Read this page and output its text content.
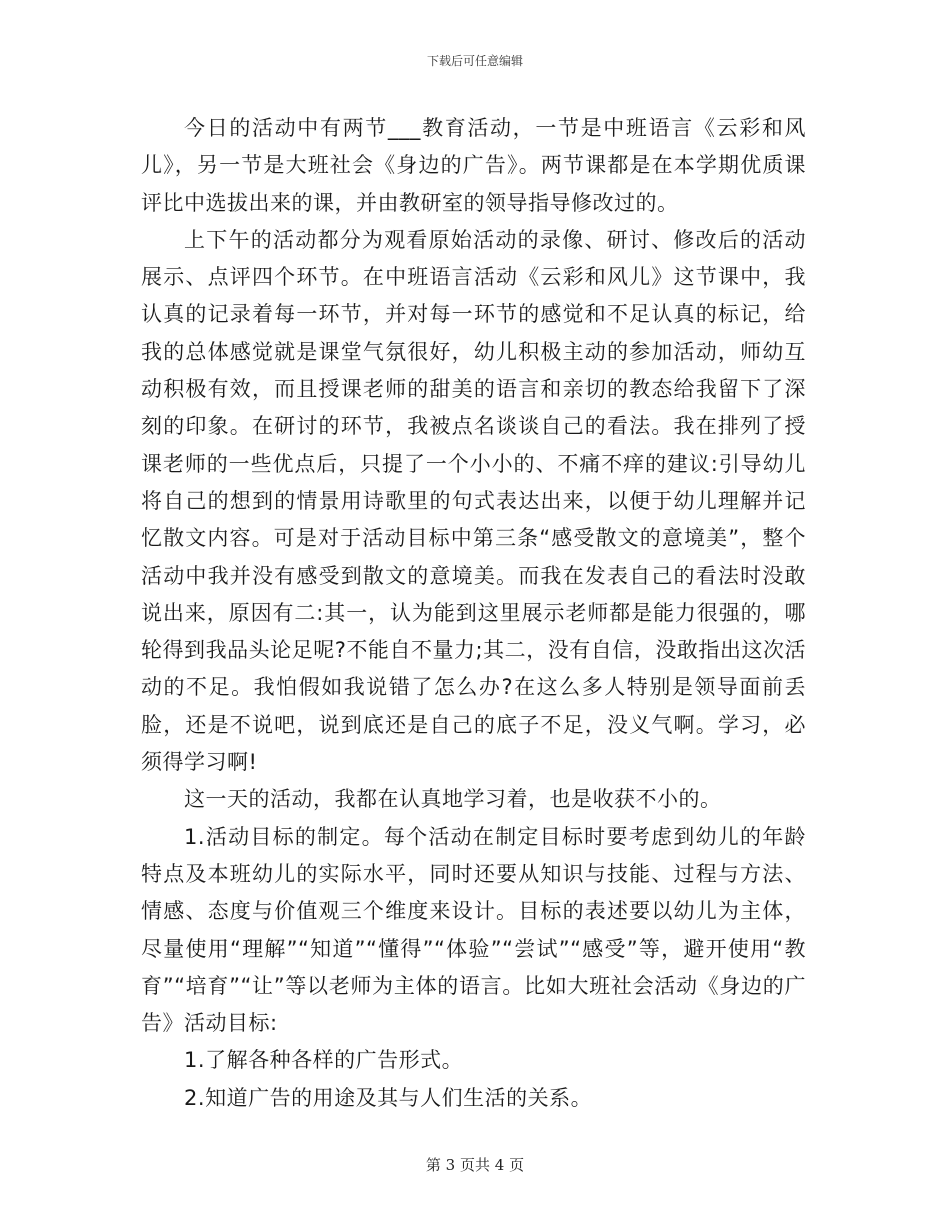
下载后可任意编辑

今日的活动中有两节___教育活动，一节是中班语言《云彩和风儿》，另一节是大班社会《身边的广告》。两节课都是在本学期优质课评比中选拔出来的课，并由教研室的领导指导修改过的。

上下午的活动都分为观看原始活动的录像、研讨、修改后的活动展示、点评四个环节。在中班语言活动《云彩和风儿》这节课中，我认真的记录着每一环节，并对每一环节的感觉和不足认真的标记，给我的总体感觉就是课堂气氛很好，幼儿积极主动的参加活动，师幼互动积极有效，而且授课老师的甜美的语言和亲切的教态给我留下了深刻的印象。在研讨的环节，我被点名谈谈自己的看法。我在排列了授课老师的一些优点后，只提了一个小小的、不痛不痒的建议:引导幼儿将自己的想到的情景用诗歌里的句式表达出来，以便于幼儿理解并记忆散文内容。可是对于活动目标中第三条“感受散文的意境美”，整个活动中我并没有感受到散文的意境美。而我在发表自己的看法时没敢说出来，原因有二:其一，认为能到这里展示老师都是能力很强的，哪轮得到我品头论足呢?不能自不量力;其二，没有自信，没敢指出这次活动的不足。我怕假如我说错了怎么办?在这么多人特别是领导面前丢脸，还是不说吧，说到底还是自己的底子不足，没义气啊。学习，必须得学习啊!

这一天的活动，我都在认真地学习着，也是收获不小的。

1.活动目标的制定。每个活动在制定目标时要考虑到幼儿的年龄特点及本班幼儿的实际水平，同时还要从知识与技能、过程与方法、情感、态度与价值观三个维度来设计。目标的表述要以幼儿为主体，尽量使用“理解”“知道”“懂得”“体验”“尝试”“感受”等，避开使用“教育”“培育”“让”等以老师为主体的语言。比如大班社会活动《身边的广告》活动目标:

1.了解各种各样的广告形式。

2.知道广告的用途及其与人们生活的关系。

第 3 页共 4 页
